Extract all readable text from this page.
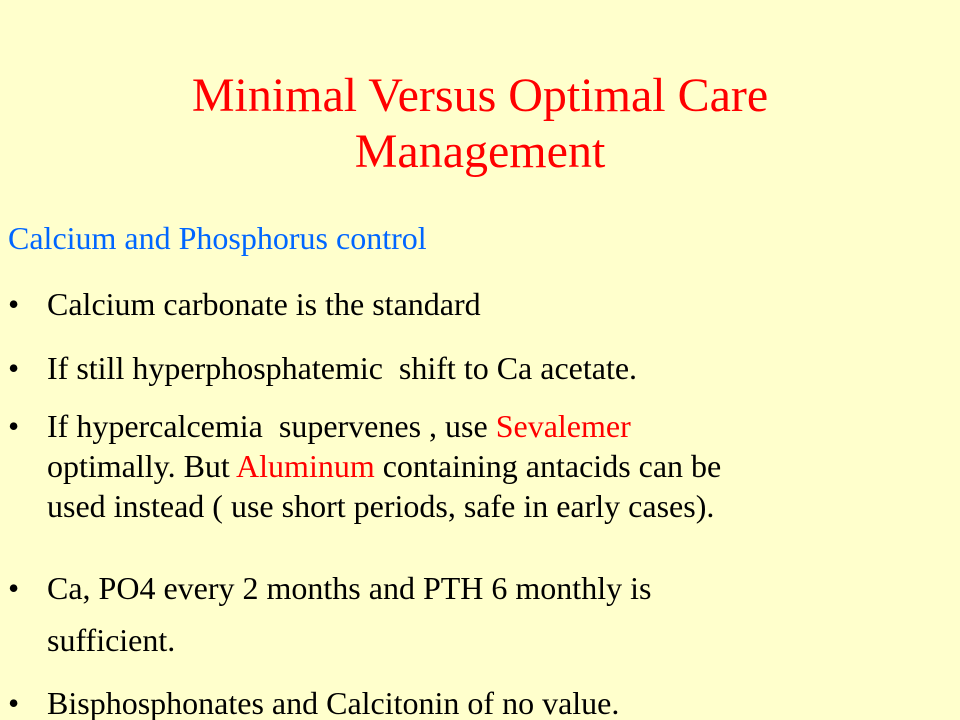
Minimal Versus Optimal Care
Management
Calcium and Phosphorus control
• Calcium carbonate is the standard
• If still hyperphosphatemic  shift to Ca acetate.
• If hypercalcemia  supervenes , use Sevalemer
optimally. But Aluminum containing antacids can be
used instead ( use short periods, safe in early cases).
• Ca, PO4 every 2 months and PTH 6 monthly is
sufficient.
• Bisphosphonates and Calcitonin of no value.
